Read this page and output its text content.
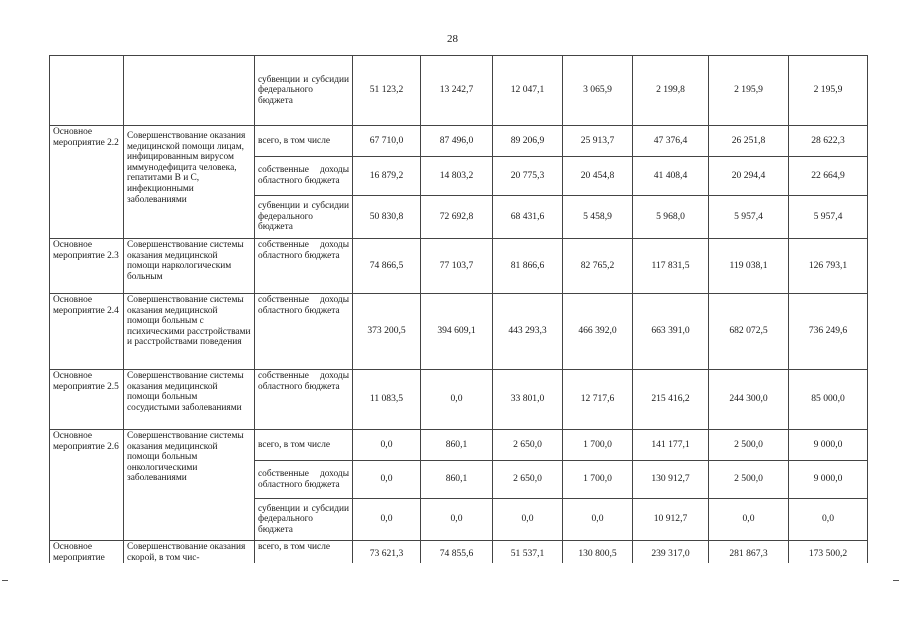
28
		субвенции и субсидии федерального бюджета	51 123,2	13 242,7	12 047,1	3 065,9	2 199,8	2 195,9	2 195,9
Основное мероприятие 2.2	Совершенствование оказания медицинской помощи лицам, инфицированным вирусом иммунодефицита человека, гепатитами B и C, инфекционными заболеваниями	всего, в том числе	67 710,0	87 496,0	89 206,9	25 913,7	47 376,4	26 251,8	28 622,3
		собственные доходы областного бюджета	16 879,2	14 803,2	20 775,3	20 454,8	41 408,4	20 294,4	22 664,9
		субвенции и субсидии федерального бюджета	50 830,8	72 692,8	68 431,6	5 458,9	5 968,0	5 957,4	5 957,4
Основное мероприятие 2.3	Совершенствование системы оказания медицинской помощи наркологическим больным	собственные доходы областного бюджета	74 866,5	77 103,7	81 866,6	82 765,2	117 831,5	119 038,1	126 793,1
Основное мероприятие 2.4	Совершенствование системы оказания медицинской помощи больным с психическими расстройствами и расстройствами поведения	собственные доходы областного бюджета	373 200,5	394 609,1	443 293,3	466 392,0	663 391,0	682 072,5	736 249,6
Основное мероприятие 2.5	Совершенствование системы оказания медицинской помощи больным сосудистыми заболеваниями	собственные доходы областного бюджета	11 083,5	0,0	33 801,0	12 717,6	215 416,2	244 300,0	85 000,0
Основное мероприятие 2.6	Совершенствование системы оказания медицинской помощи больным онкологическими заболеваниями	всего, в том числе	0,0	860,1	2 650,0	1 700,0	141 177,1	2 500,0	9 000,0
		собственные доходы областного бюджета	0,0	860,1	2 650,0	1 700,0	130 912,7	2 500,0	9 000,0
		субвенции и субсидии федерального бюджета	0,0	0,0	0,0	0,0	10 912,7	0,0	0,0
Основное мероприятие	Совершенствование оказания скорой, в том чис-	всего, в том числе	73 621,3	74 855,6	51 537,1	130 800,5	239 317,0	281 867,3	173 500,2
